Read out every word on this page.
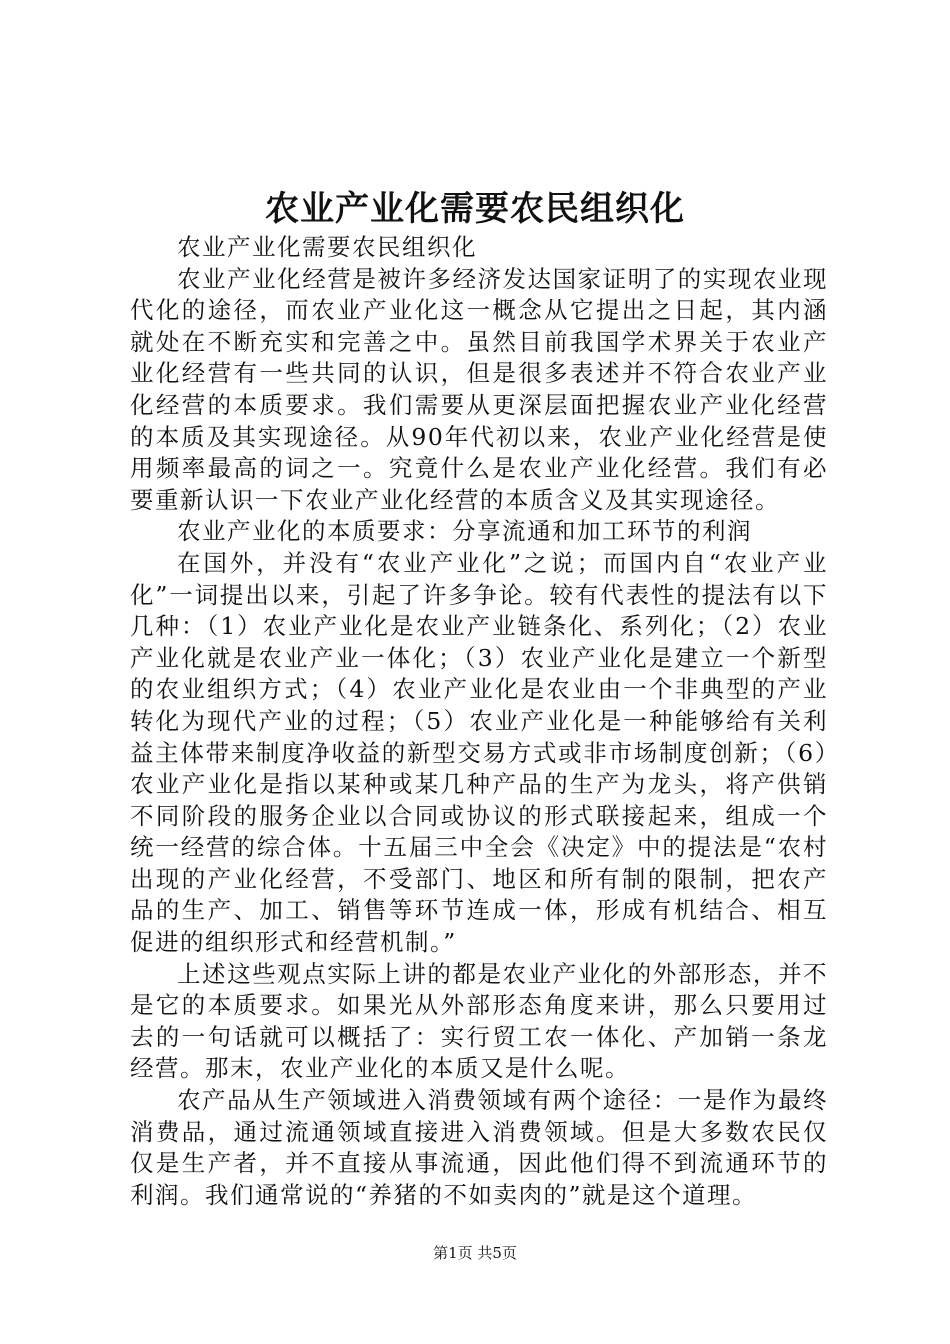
农业产业化需要农民组织化

农业产业化需要农民组织化

农业产业化经营是被许多经济发达国家证明了的实现农业现代化的途径，而农业产业化这一概念从它提出之日起，其内涵就处在不断充实和完善之中。虽然目前我国学术界关于农业产业化经营有一些共同的认识，但是很多表述并不符合农业产业化经营的本质要求。我们需要从更深层面把握农业产业化经营的本质及其实现途径。从90年代初以来，农业产业化经营是使用频率最高的词之一。究竟什么是农业产业化经营。我们有必要重新认识一下农业产业化经营的本质含义及其实现途径。

农业产业化的本质要求：分享流通和加工环节的利润

在国外，并没有“农业产业化”之说；而国内自“农业产业化”一词提出以来，引起了许多争论。较有代表性的提法有以下几种：（1）农业产业化是农业产业链条化、系列化；（2）农业产业化就是农业产业一体化；（3）农业产业化是建立一个新型的农业组织方式；（4）农业产业化是农业由一个非典型的产业转化为现代产业的过程；（5）农业产业化是一种能够给有关利益主体带来制度净收益的新型交易方式或非市场制度创新；（6）农业产业化是指以某种或某几种产品的生产为龙头，将产供销不同阶段的服务企业以合同或协议的形式联接起来，组成一个统一经营的综合体。十五届三中全会《决定》中的提法是“农村出现的产业化经营，不受部门、地区和所有制的限制，把农产品的生产、加工、销售等环节连成一体，形成有机结合、相互促进的组织形式和经营机制。”

上述这些观点实际上讲的都是农业产业化的外部形态，并不是它的本质要求。如果光从外部形态角度来讲，那么只要用过去的一句话就可以概括了：实行贸工农一体化、产加销一条龙经营。那末，农业产业化的本质又是什么呢。

农产品从生产领域进入消费领域有两个途径：一是作为最终消费品，通过流通领域直接进入消费领域。但是大多数农民仅仅是生产者，并不直接从事流通，因此他们得不到流通环节的利润。我们通常说的“养猪的不如卖肉的”就是这个道理。

第1页 共5页
